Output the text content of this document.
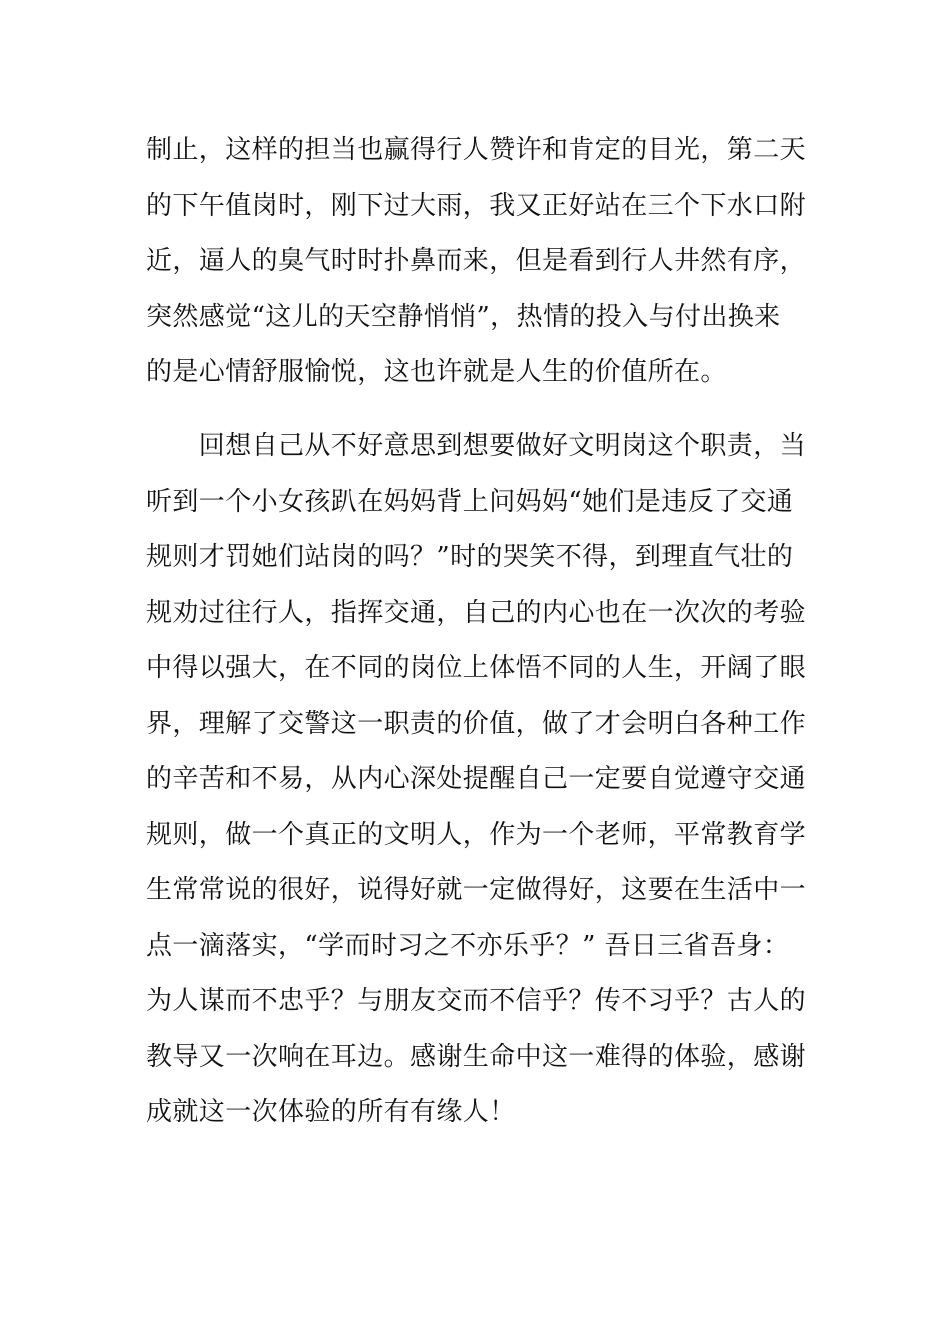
制止，这样的担当也赢得行人赞许和肯定的目光，第二天
的下午值岗时，刚下过大雨，我又正好站在三个下水口附
近，逼人的臭气时时扑鼻而来，但是看到行人井然有序，
突然感觉“这儿的天空静悄悄”，热情的投入与付出换来
的是心情舒服愉悦，这也许就是人生的价值所在。
　　回想自己从不好意思到想要做好文明岗这个职责，当
听到一个小女孩趴在妈妈背上问妈妈“她们是违反了交通
规则才罚她们站岗的吗？”时的哭笑不得，到理直气壮的
规劝过往行人，指挥交通，自己的内心也在一次次的考验
中得以强大，在不同的岗位上体悟不同的人生，开阔了眼
界，理解了交警这一职责的价值，做了才会明白各种工作
的辛苦和不易，从内心深处提醒自己一定要自觉遵守交通
规则，做一个真正的文明人，作为一个老师，平常教育学
生常常说的很好，说得好就一定做得好，这要在生活中一
点一滴落实，“学而时习之不亦乐乎？” 吾日三省吾身：
为人谋而不忠乎？与朋友交而不信乎？传不习乎？古人的
教导又一次响在耳边。感谢生命中这一难得的体验，感谢
成就这一次体验的所有有缘人！
